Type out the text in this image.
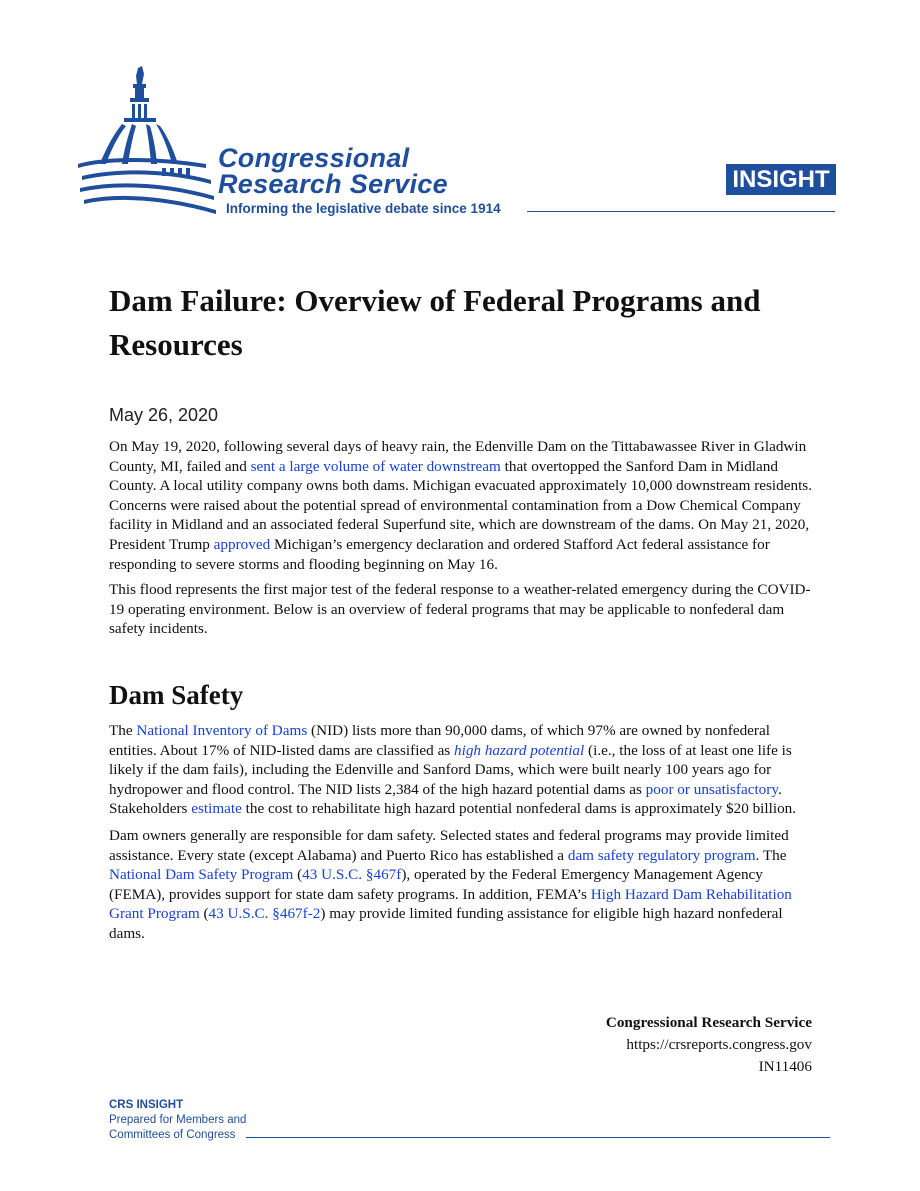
Congressional
Research Service
Informing the legislative debate since 1914
INSIGHT
Dam Failure: Overview of Federal Programs and Resources
May 26, 2020

On May 19, 2020, following several days of heavy rain, the Edenville Dam on the Tittabawassee River in Gladwin County, MI, failed and sent a large volume of water downstream that overtopped the Sanford Dam in Midland County. A local utility company owns both dams. Michigan evacuated approximately 10,000 downstream residents. Concerns were raised about the potential spread of environmental contamination from a Dow Chemical Company facility in Midland and an associated federal Superfund site, which are downstream of the dams. On May 21, 2020, President Trump approved Michigan’s emergency declaration and ordered Stafford Act federal assistance for responding to severe storms and flooding beginning on May 16.

This flood represents the first major test of the federal response to a weather-related emergency during the COVID-19 operating environment. Below is an overview of federal programs that may be applicable to nonfederal dam safety incidents.

Dam Safety

The National Inventory of Dams (NID) lists more than 90,000 dams, of which 97% are owned by nonfederal entities. About 17% of NID-listed dams are classified as high hazard potential (i.e., the loss of at least one life is likely if the dam fails), including the Edenville and Sanford Dams, which were built nearly 100 years ago for hydropower and flood control. The NID lists 2,384 of the high hazard potential dams as poor or unsatisfactory. Stakeholders estimate the cost to rehabilitate high hazard potential nonfederal dams is approximately $20 billion.

Dam owners generally are responsible for dam safety. Selected states and federal programs may provide limited assistance. Every state (except Alabama) and Puerto Rico has established a dam safety regulatory program. The National Dam Safety Program (43 U.S.C. §467f), operated by the Federal Emergency Management Agency (FEMA), provides support for state dam safety programs. In addition, FEMA’s High Hazard Dam Rehabilitation Grant Program (43 U.S.C. §467f-2) may provide limited funding assistance for eligible high hazard nonfederal dams.

Congressional Research Service
https://crsreports.congress.gov
IN11406
CRS INSIGHT
Prepared for Members and
Committees of Congress
